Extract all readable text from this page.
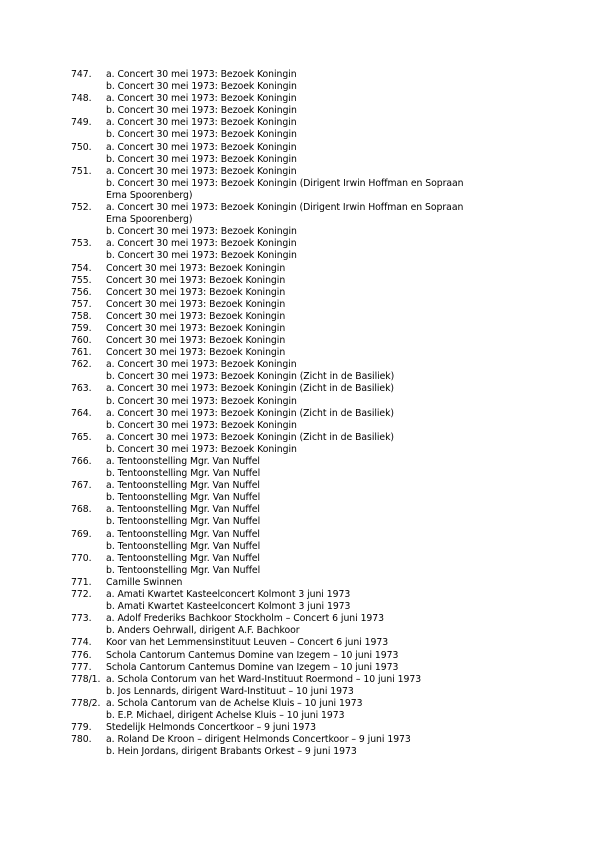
747. a. Concert 30 mei 1973: Bezoek Koningin
b. Concert 30 mei 1973: Bezoek Koningin
748. a. Concert 30 mei 1973: Bezoek Koningin
b. Concert 30 mei 1973: Bezoek Koningin
749. a. Concert 30 mei 1973: Bezoek Koningin
b. Concert 30 mei 1973: Bezoek Koningin
750. a. Concert 30 mei 1973: Bezoek Koningin
b. Concert 30 mei 1973: Bezoek Koningin
751. a. Concert 30 mei 1973: Bezoek Koningin
b. Concert 30 mei 1973: Bezoek Koningin (Dirigent Irwin Hoffman en Sopraan
Erna Spoorenberg)
752. a. Concert 30 mei 1973: Bezoek Koningin (Dirigent Irwin Hoffman en Sopraan
Erna Spoorenberg)
b. Concert 30 mei 1973: Bezoek Koningin
753. a. Concert 30 mei 1973: Bezoek Koningin
b. Concert 30 mei 1973: Bezoek Koningin
754. Concert 30 mei 1973: Bezoek Koningin
755. Concert 30 mei 1973: Bezoek Koningin
756. Concert 30 mei 1973: Bezoek Koningin
757. Concert 30 mei 1973: Bezoek Koningin
758. Concert 30 mei 1973: Bezoek Koningin
759. Concert 30 mei 1973: Bezoek Koningin
760. Concert 30 mei 1973: Bezoek Koningin
761. Concert 30 mei 1973: Bezoek Koningin
762. a. Concert 30 mei 1973: Bezoek Koningin
b. Concert 30 mei 1973: Bezoek Koningin (Zicht in de Basiliek)
763. a. Concert 30 mei 1973: Bezoek Koningin (Zicht in de Basiliek)
b. Concert 30 mei 1973: Bezoek Koningin
764. a. Concert 30 mei 1973: Bezoek Koningin (Zicht in de Basiliek)
b. Concert 30 mei 1973: Bezoek Koningin
765. a. Concert 30 mei 1973: Bezoek Koningin (Zicht in de Basiliek)
b. Concert 30 mei 1973: Bezoek Koningin
766. a. Tentoonstelling Mgr. Van Nuffel
b. Tentoonstelling Mgr. Van Nuffel
767. a. Tentoonstelling Mgr. Van Nuffel
b. Tentoonstelling Mgr. Van Nuffel
768. a. Tentoonstelling Mgr. Van Nuffel
b. Tentoonstelling Mgr. Van Nuffel
769. a. Tentoonstelling Mgr. Van Nuffel
b. Tentoonstelling Mgr. Van Nuffel
770. a. Tentoonstelling Mgr. Van Nuffel
b. Tentoonstelling Mgr. Van Nuffel
771. Camille Swinnen
772. a. Amati Kwartet Kasteelconcert Kolmont 3 juni 1973
b. Amati Kwartet Kasteelconcert Kolmont 3 juni 1973
773. a. Adolf Frederiks Bachkoor Stockholm – Concert 6 juni 1973
b. Anders Oehrwall, dirigent A.F. Bachkoor
774. Koor van het Lemmensinstituut Leuven – Concert 6 juni 1973
776. Schola Cantorum Cantemus Domine van Izegem – 10 juni 1973
777. Schola Cantorum Cantemus Domine van Izegem – 10 juni 1973
778/1. a. Schola Contorum van het Ward-Instituut Roermond – 10 juni 1973
b. Jos Lennards, dirigent Ward-Instituut – 10 juni 1973
778/2. a. Schola Cantorum van de Achelse Kluis – 10 juni 1973
b. E.P. Michael, dirigent Achelse Kluis – 10 juni 1973
779. Stedelijk Helmonds Concertkoor – 9 juni 1973
780. a. Roland De Kroon – dirigent Helmonds Concertkoor – 9 juni 1973
b. Hein Jordans, dirigent Brabants Orkest – 9 juni 1973
